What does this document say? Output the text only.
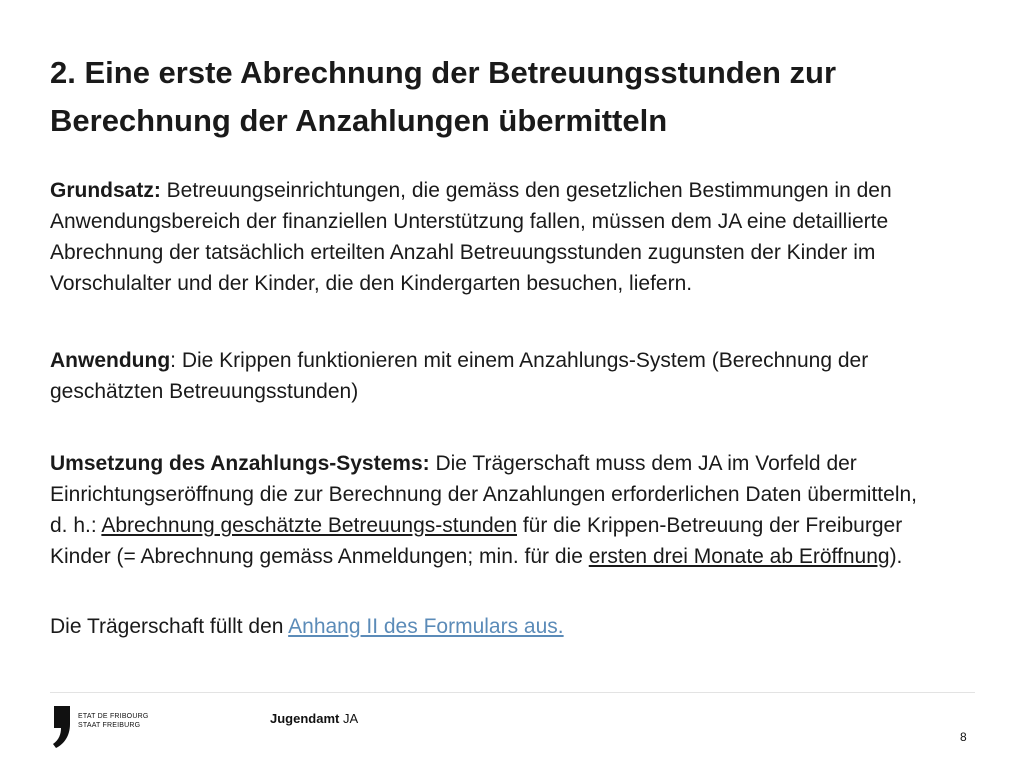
2. Eine erste Abrechnung der Betreuungsstunden zur Berechnung der Anzahlungen übermitteln

Grundsatz: Betreuungseinrichtungen, die gemäss den gesetzlichen Bestimmungen in den Anwendungsbereich der finanziellen Unterstützung fallen, müssen dem JA eine detaillierte Abrechnung der tatsächlich erteilten Anzahl Betreuungsstunden zugunsten der Kinder im Vorschulalter und der Kinder, die den Kindergarten besuchen, liefern.

Anwendung: Die Krippen funktionieren mit einem Anzahlungs-System (Berechnung der geschätzten Betreuungsstunden)

Umsetzung des Anzahlungs-Systems: Die Trägerschaft muss dem JA im Vorfeld der Einrichtungseröffnung die zur Berechnung der Anzahlungen erforderlichen Daten übermitteln, d. h.: Abrechnung geschätzte Betreuungs-stunden für die Krippen-Betreuung der Freiburger Kinder (= Abrechnung gemäss Anmeldungen; min. für die ersten drei Monate ab Eröffnung).

Die Trägerschaft füllt den Anhang II des Formulars aus.

ETAT DE FRIBOURG
STAAT FREIBURG	Jugendamt JA
8
